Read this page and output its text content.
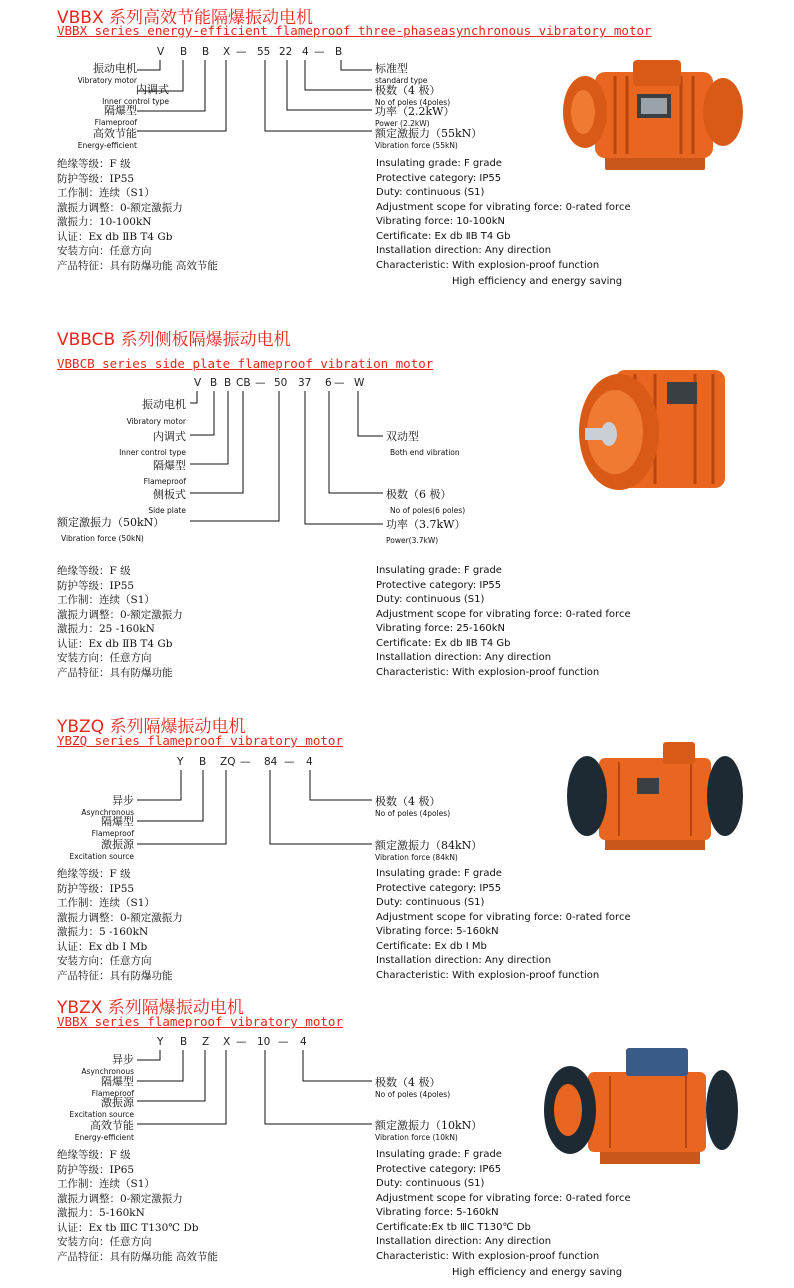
VBBX 系列高效节能隔爆振动电机
VBBX series energy-efficient flameproof three-phaseasynchronous vibratory motor
V B B X — 55 22 4 — B
振动电机
Vibratory motor
内调式
Inner control type
隔爆型
Flameproof
高效节能
Energy-efficient
标准型
standard type
极数（4 极）
No of poles (4poles)
功率（2.2kW）
Power (2.2kW)
额定激振力（55kN）
Vibration force (55kN)
绝缘等级：F 级
防护等级：IP55
工作制：连续（S1）
激振力调整：0-额定激振力
激振力：10-100kN
认证：Ex db ⅡB T4 Gb
安装方向：任意方向
产品特征：具有防爆功能 高效节能
Insulating grade: F grade
Protective category: IP55
Duty: continuous (S1)
Adjustment scope for vibrating force: 0-rated force
Vibrating force: 10-100kN
Certificate: Ex db ⅡB T4 Gb
Installation direction: Any direction
Characteristic: With explosion-proof function
High efficiency and energy saving
VBBCB 系列侧板隔爆振动电机
VBBCB series side plate flameproof vibration motor
V B B CB — 50 37 6 — W
振动电机
Vibratory motor
内调式
Inner control type
隔爆型
Flameproof
侧板式
Side plate
额定激振力（50kN）
Vibration force (50kN)
双动型
Both end vibration
极数（6 极）
No of poles(6 poles)
功率（3.7kW）
Power(3.7kW)
绝缘等级：F 级
防护等级：IP55
工作制：连续（S1）
激振力调整：0-额定激振力
激振力：25 -160kN
认证：Ex db ⅡB T4 Gb
安装方向：任意方向
产品特征：具有防爆功能
Insulating grade: F grade
Protective category: IP55
Duty: continuous (S1)
Adjustment scope for vibrating force: 0-rated force
Vibrating force: 25-160kN
Certificate: Ex db ⅡB T4 Gb
Installation direction: Any direction
Characteristic: With explosion-proof function
YBZQ 系列隔爆振动电机
YBZQ series flameproof vibratory motor
Y B ZQ — 84 — 4
异步
Asynchronous
隔爆型
Flameproof
激振源
Excitation source
极数（4 极）
No of poles (4poles)
额定激振力（84kN）
Vibration force (84kN)
绝缘等级：F 级
防护等级：IP55
工作制：连续（S1）
激振力调整：0-额定激振力
激振力：5 -160kN
认证：Ex db Ⅰ Mb
安装方向：任意方向
产品特征：具有防爆功能
Insulating grade: F grade
Protective category: IP55
Duty: continuous (S1)
Adjustment scope for vibrating force: 0-rated force
Vibrating force: 5-160kN
Certificate: Ex db Ⅰ Mb
Installation direction: Any direction
Characteristic: With explosion-proof function
YBZX 系列隔爆振动电机
VBBX series flameproof vibratory motor
Y B Z X — 10 — 4
异步
Asynchronous
隔爆型
Flameproof
激振源
Excitation source
高效节能
Energy-efficient
极数（4 极）
No of poles (4poles)
额定激振力（10kN）
Vibration force (10kN)
绝缘等级：F 级
防护等级：IP65
工作制：连续（S1）
激振力调整：0-额定激振力
激振力：5-160kN
认证：Ex tb ⅢC T130℃ Db
安装方向：任意方向
产品特征：具有防爆功能 高效节能
Insulating grade: F grade
Protective category: IP65
Duty: continuous (S1)
Adjustment scope for vibrating force: 0-rated force
Vibrating force: 5-160kN
Certificate:Ex tb ⅢC T130℃ Db
Installation direction: Any direction
Characteristic: With explosion-proof function
High efficiency and energy saving
